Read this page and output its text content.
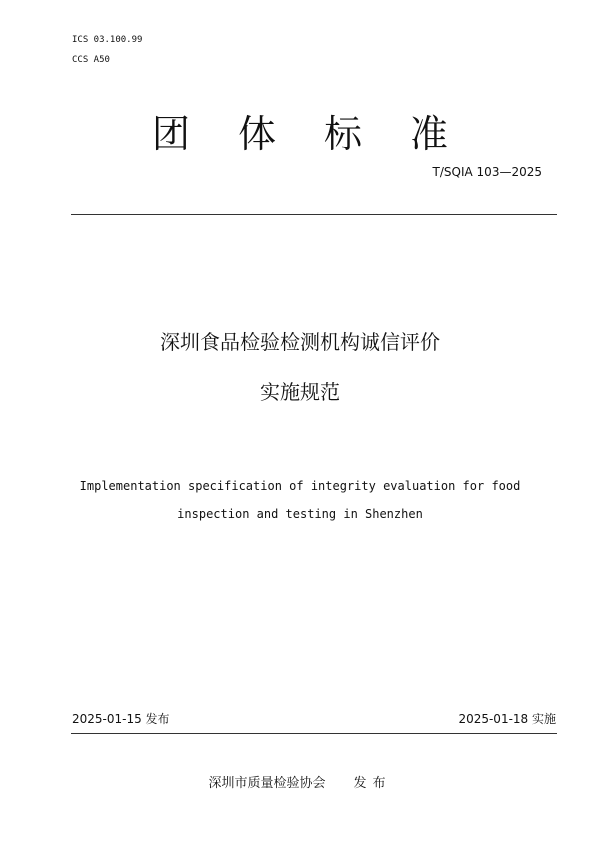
ICS 03.100.99
CCS A50
团体标准
T/SQIA 103—2025
深圳食品检验检测机构诚信评价
实施规范
Implementation specification of integrity evaluation for food
inspection and testing in Shenzhen
2025-01-15 发布	2025-01-18 实施
深圳市质量检验协会 发布
